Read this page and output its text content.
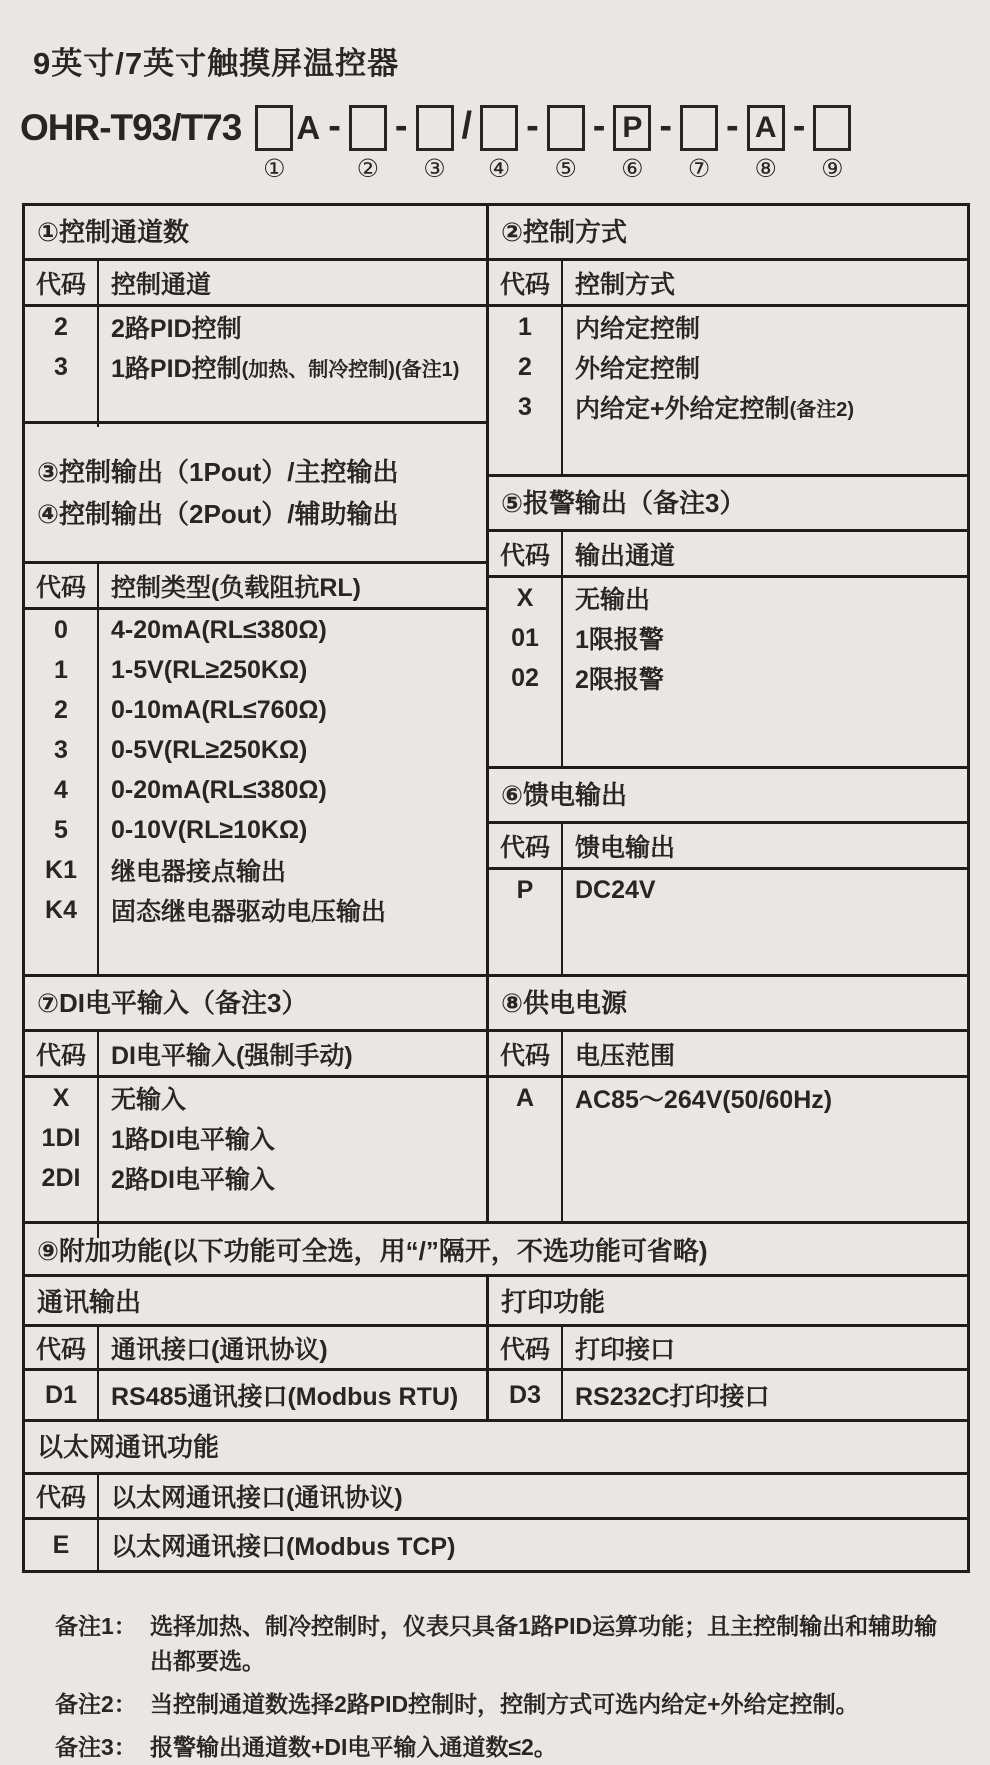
9英寸/7英寸触摸屏温控器
OHR-T93/T73
①
A -
②
-
③
/
④
-
⑤
- P
⑥
-
⑦
- A
⑧
-
⑨
①控制通道数
代码	控制通道
2	2路PID控制
3	1路PID控制 (加热、制冷控制)(备注1)
③控制输出（1Pout）/主控输出
④控制输出（2Pout）/辅助输出
代码	控制类型(负载阻抗RL)
0	4-20mA(RL≤380Ω)
1	1-5V(RL≥250KΩ)
2	0-10mA(RL≤760Ω)
3	0-5V(RL≥250KΩ)
4	0-20mA(RL≤380Ω)
5	0-10V(RL≥10KΩ)
K1	继电器接点输出
K4	固态继电器驱动电压输出
⑦DI电平输入（备注3）
代码	DI电平输入(强制手动)
X	无输入
1DI	1路DI电平输入
2DI	2路DI电平输入
②控制方式
代码	控制方式
1	内给定控制
2	外给定控制
3	内给定+外给定控制 (备注2)
⑤报警输出（备注3）
代码	输出通道
X	无输出
01	1限报警
02	2限报警
⑥馈电输出
代码	馈电输出
P	DC24V
⑧供电电源
代码	电压范围
A	AC85～264V(50/60Hz)
⑨附加功能(以下功能可全选，用“/”隔开，不选功能可省略)
通讯输出
代码	通讯接口(通讯协议)
D1	RS485通讯接口(Modbus RTU)
打印功能
代码	打印接口
D3	RS232C打印接口
以太网通讯功能
代码	以太网通讯接口(通讯协议)
E	以太网通讯接口(Modbus TCP)
备注1： 选择加热、制冷控制时，仪表只具备1路PID运算功能；且主控制输出和辅助输出都要选。
备注2： 当控制通道数选择2路PID控制时，控制方式可选内给定+外给定控制。
备注3： 报警输出通道数+DI电平输入通道数≤2。
